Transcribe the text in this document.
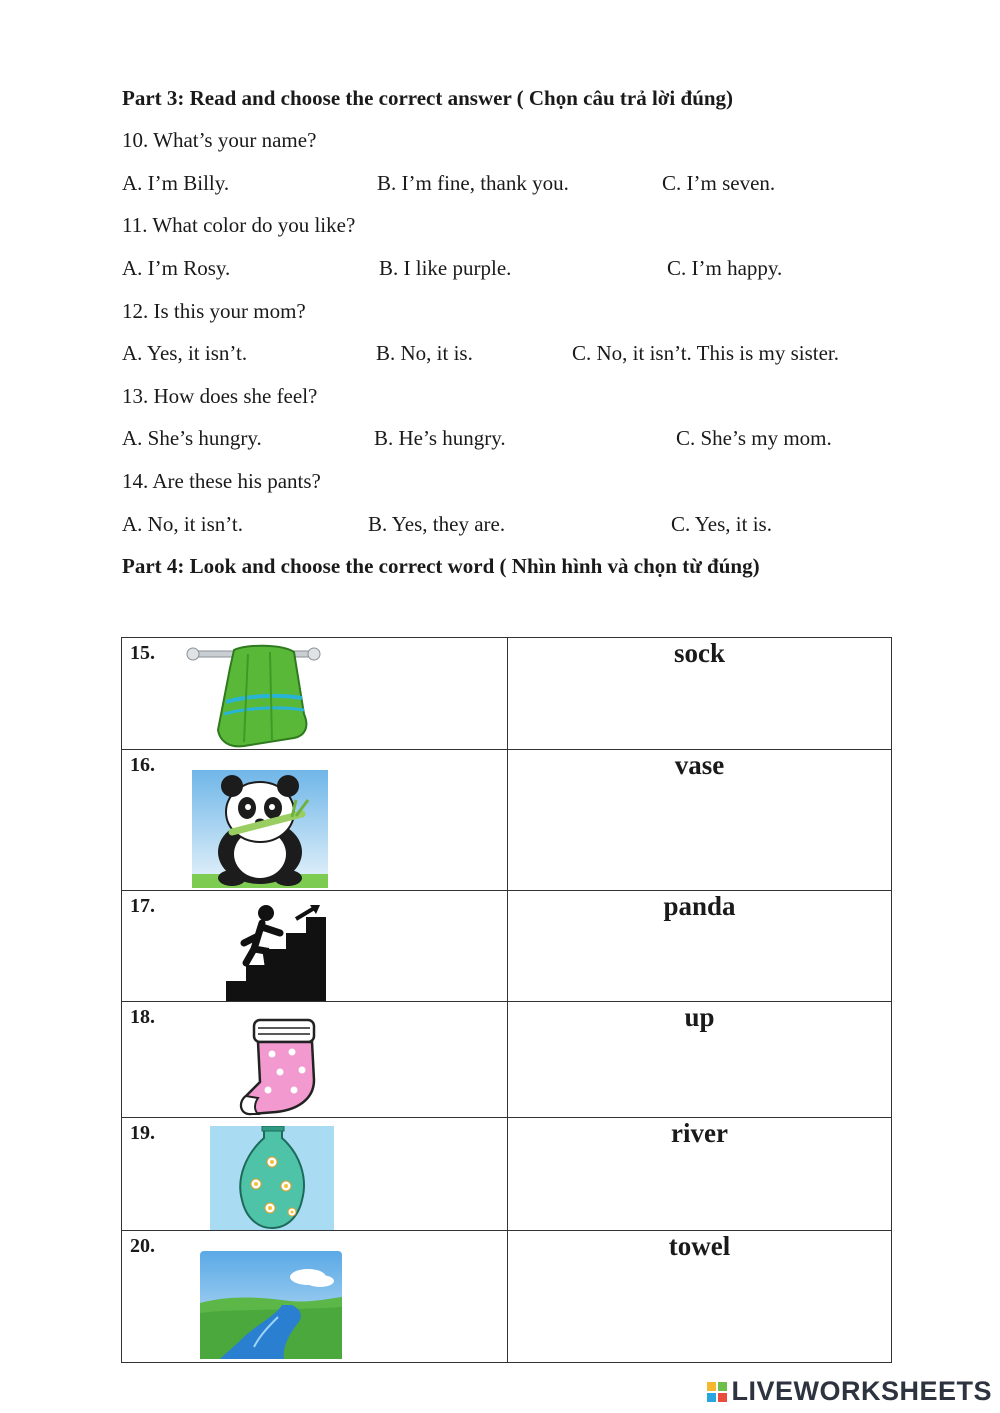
Part 3: Read and choose the correct answer ( Chọn câu trả lời đúng)
10. What’s your name?
A. I’m Billy.	B. I’m fine, thank you.	C. I’m seven.
11. What color do you like?
A. I’m Rosy.	B. I like purple.	C. I’m happy.
12. Is this your mom?
A. Yes, it isn’t.	B. No, it is.	C. No, it isn’t. This is my sister.
13. How does she feel?
A. She’s hungry.	B. He’s hungry.	C. She’s my mom.
14. Are these his pants?
A. No, it isn’t.	B. Yes, they are.	C. Yes, it is.
Part 4: Look and choose the correct word ( Nhìn hình và chọn từ đúng)
15.	sock

16.	vase

17.	panda

18.	up

19.	river

20.	towel
LIVEWORKSHEETS
